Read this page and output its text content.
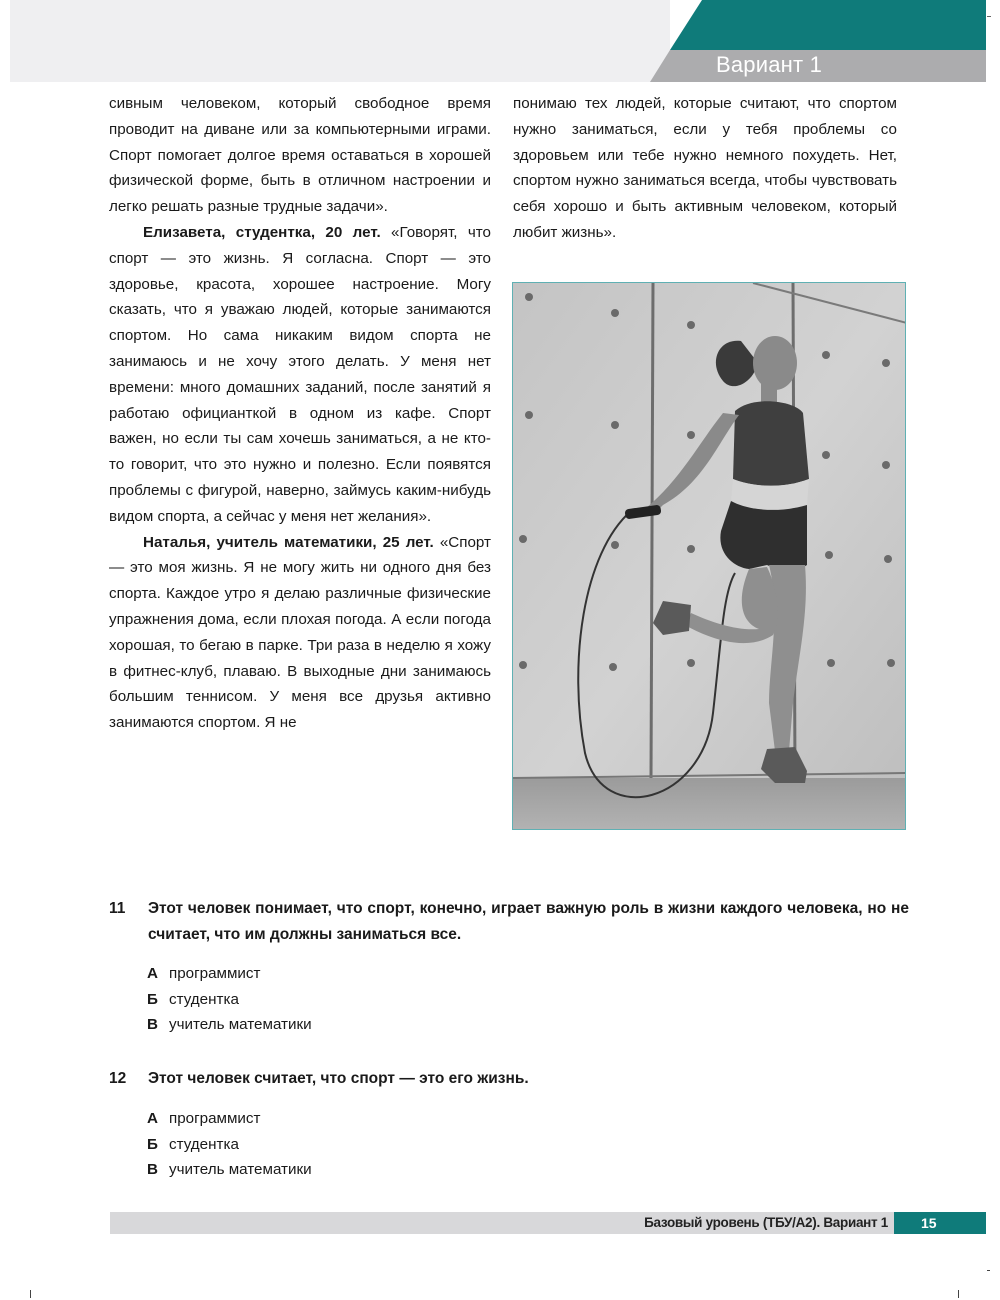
Вариант 1

сивным человеком, который свободное время проводит на диване или за компьютерными играми. Спорт помогает долгое время оставаться в хорошей физической форме, быть в отличном настроении и легко решать разные трудные задачи».

Елизавета, студентка, 20 лет. «Говорят, что спорт — это жизнь. Я согласна. Спорт — это здоровье, красота, хорошее настроение. Могу сказать, что я уважаю людей, которые занимаются спортом. Но сама никаким видом спорта не занимаюсь и не хочу этого делать. У меня нет времени: много домашних заданий, после занятий я работаю официанткой в одном из кафе. Спорт важен, но если ты сам хочешь заниматься, а не кто-то говорит, что это нужно и полезно. Если появятся проблемы с фигурой, наверно, займусь каким-нибудь видом спорта, а сейчас у меня нет желания».

Наталья, учитель математики, 25 лет. «Спорт — это моя жизнь. Я не могу жить ни одного дня без спорта. Каждое утро я делаю различные физические упражнения дома, если плохая погода. А если погода хорошая, то бегаю в парке. Три раза в неделю я хожу в фитнес-клуб, плаваю. В выходные дни занимаюсь большим теннисом. У меня все друзья активно занимаются спортом. Я не

понимаю тех людей, которые считают, что спортом нужно заниматься, если у тебя проблемы со здоровьем или тебе нужно немного похудеть. Нет, спортом нужно заниматься всегда, чтобы чувствовать себя хорошо и быть активным человеком, который любит жизнь».

11	Этот человек понимает, что спорт, конечно, играет важную роль в жизни каждого человека, но не считает, что им должны заниматься все.
А программист
Б студентка
В учитель математики
12	Этот человек считает, что спорт — это его жизнь.
А программист
Б студентка
В учитель математики
Базовый уровень (ТБУ/А2). Вариант 1	15
